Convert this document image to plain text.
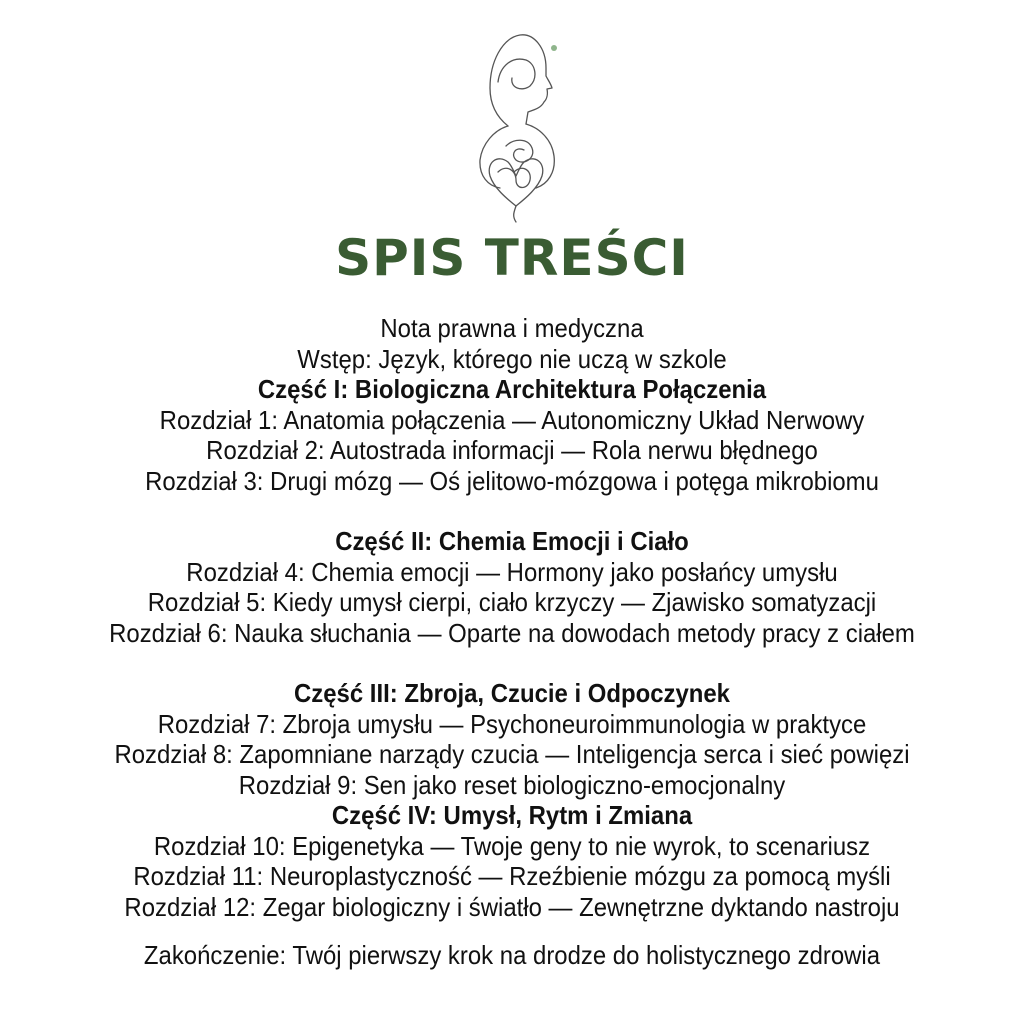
SPIS TREŚCI
Nota prawna i medyczna
Wstęp: Język, którego nie uczą w szkole
Część I: Biologiczna Architektura Połączenia
Rozdział 1: Anatomia połączenia — Autonomiczny Układ Nerwowy
Rozdział 2: Autostrada informacji — Rola nerwu błędnego
Rozdział 3: Drugi mózg — Oś jelitowo-mózgowa i potęga mikrobiomu
Część II: Chemia Emocji i Ciało
Rozdział 4: Chemia emocji — Hormony jako posłańcy umysłu
Rozdział 5: Kiedy umysł cierpi, ciało krzyczy — Zjawisko somatyzacji
Rozdział 6: Nauka słuchania — Oparte na dowodach metody pracy z ciałem
Część III: Zbroja, Czucie i Odpoczynek
Rozdział 7: Zbroja umysłu — Psychoneuroimmunologia w praktyce
Rozdział 8: Zapomniane narządy czucia — Inteligencja serca i sieć powięzi
Rozdział 9: Sen jako reset biologiczno-emocjonalny
Część IV: Umysł, Rytm i Zmiana
Rozdział 10: Epigenetyka — Twoje geny to nie wyrok, to scenariusz
Rozdział 11: Neuroplastyczność — Rzeźbienie mózgu za pomocą myśli
Rozdział 12: Zegar biologiczny i światło — Zewnętrzne dyktando nastroju
Zakończenie: Twój pierwszy krok na drodze do holistycznego zdrowia
